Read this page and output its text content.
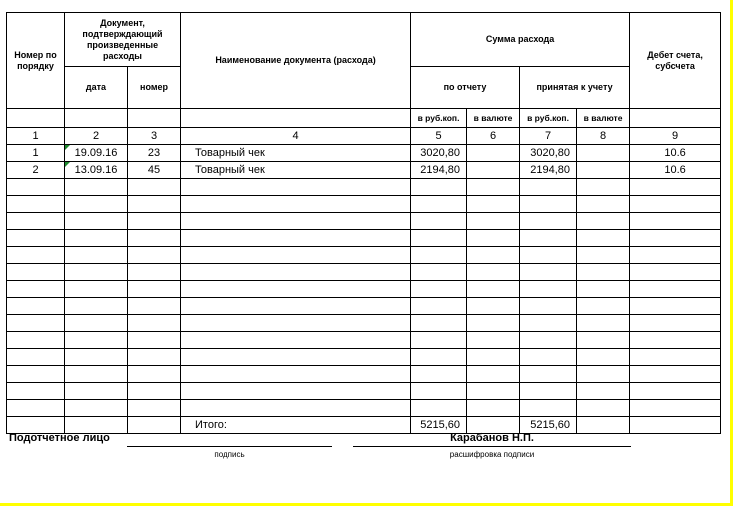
Номер по порядку	Документ, подтверждающий произведенные расходы		Наименование документа (расхода)	Сумма расхода				Дебет счета, субсчета
	дата	номер						
				по отчету		принятая к учету		
				в руб.коп.	в валюте	в руб.коп.	в валюте	
1	2	3	4	5	6	7	8	9
1	19.09.16	23	Товарный чек	3020,80		3020,80		10.6
2	13.09.16	45	Товарный чек	2194,80		2194,80		10.6

			Итого:	5215,60		5215,60		
Подотчетное лицо	Карабанов Н.П.
подпись	расшифровка подписи
